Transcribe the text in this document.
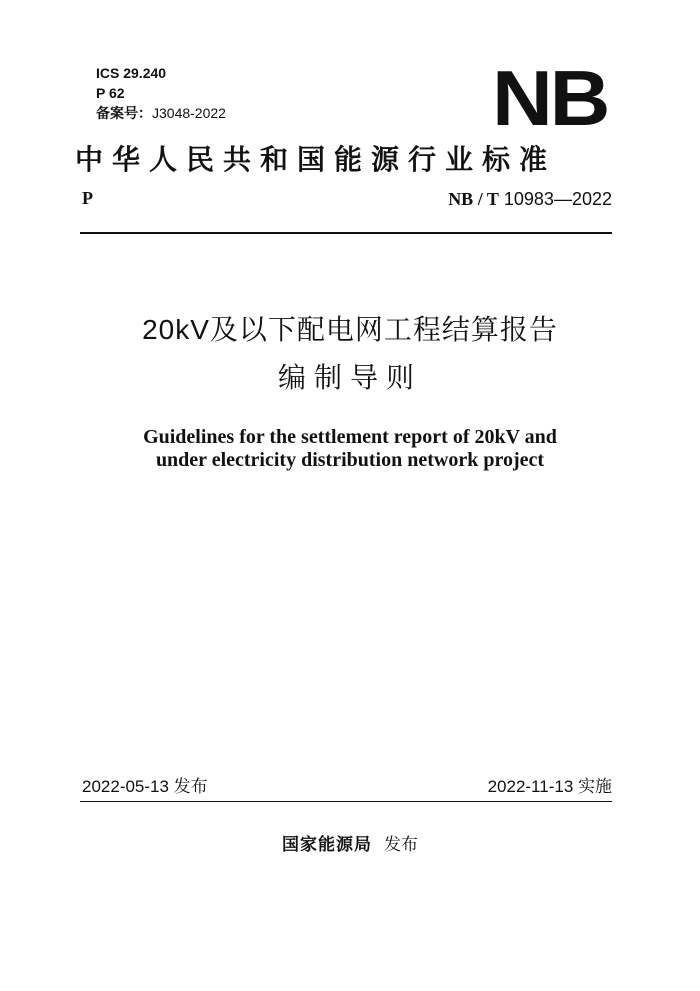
ICS 29.240
P 62
备案号：J3048-2022	NB
中华人民共和国能源行业标准
P	NB / T 10983—2022
20kV及以下配电网工程结算报告
编制导则
Guidelines for the settlement report of 20kV and
under electricity distribution network project
2022-05-13 发布	2022-11-13 实施
国家能源局 发布
